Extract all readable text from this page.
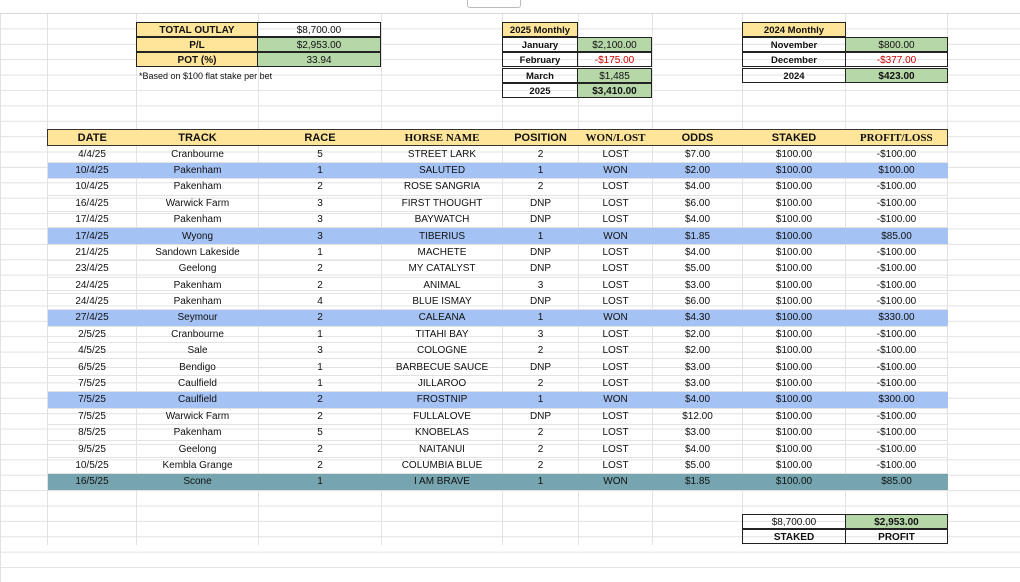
TOTAL OUTLAY	$8,700.00
P/L	$2,953.00
POT (%)	33.94
*Based on $100 flat stake per bet
2025 Monthly
January	$2,100.00
February	-$175.00
March	$1,485
2025	$3,410.00
2024 Monthly
November	$800.00
December	-$377.00
2024	$423.00
DATE	TRACK	RACE	HORSE NAME	POSITION	WON/LOST	ODDS	STAKED	PROFIT/LOSS
4/4/25	Cranbourne	5	STREET LARK	2	LOST	$7.00	$100.00	-$100.00
10/4/25	Pakenham	1	SALUTED	1	WON	$2.00	$100.00	$100.00
10/4/25	Pakenham	2	ROSE SANGRIA	2	LOST	$4.00	$100.00	-$100.00
16/4/25	Warwick Farm	3	FIRST THOUGHT	DNP	LOST	$6.00	$100.00	-$100.00
17/4/25	Pakenham	3	BAYWATCH	DNP	LOST	$4.00	$100.00	-$100.00
17/4/25	Wyong	3	TIBERIUS	1	WON	$1.85	$100.00	$85.00
21/4/25	Sandown Lakeside	1	MACHETE	DNP	LOST	$4.00	$100.00	-$100.00
23/4/25	Geelong	2	MY CATALYST	DNP	LOST	$5.00	$100.00	-$100.00
24/4/25	Pakenham	2	ANIMAL	3	LOST	$3.00	$100.00	-$100.00
24/4/25	Pakenham	4	BLUE ISMAY	DNP	LOST	$6.00	$100.00	-$100.00
27/4/25	Seymour	2	CALEANA	1	WON	$4.30	$100.00	$330.00
2/5/25	Cranbourne	1	TITAHI BAY	3	LOST	$2.00	$100.00	-$100.00
4/5/25	Sale	3	COLOGNE	2	LOST	$2.00	$100.00	-$100.00
6/5/25	Bendigo	1	BARBECUE SAUCE	DNP	LOST	$3.00	$100.00	-$100.00
7/5/25	Caulfield	1	JILLAROO	2	LOST	$3.00	$100.00	-$100.00
7/5/25	Caulfield	2	FROSTNIP	1	WON	$4.00	$100.00	$300.00
7/5/25	Warwick Farm	2	FULLALOVE	DNP	LOST	$12.00	$100.00	-$100.00
8/5/25	Pakenham	5	KNOBELAS	2	LOST	$3.00	$100.00	-$100.00
9/5/25	Geelong	2	NAITANUI	2	LOST	$4.00	$100.00	-$100.00
10/5/25	Kembla Grange	2	COLUMBIA BLUE	2	LOST	$5.00	$100.00	-$100.00
16/5/25	Scone	1	I AM BRAVE	1	WON	$1.85	$100.00	$85.00
$8,700.00	$2,953.00
STAKED	PROFIT
